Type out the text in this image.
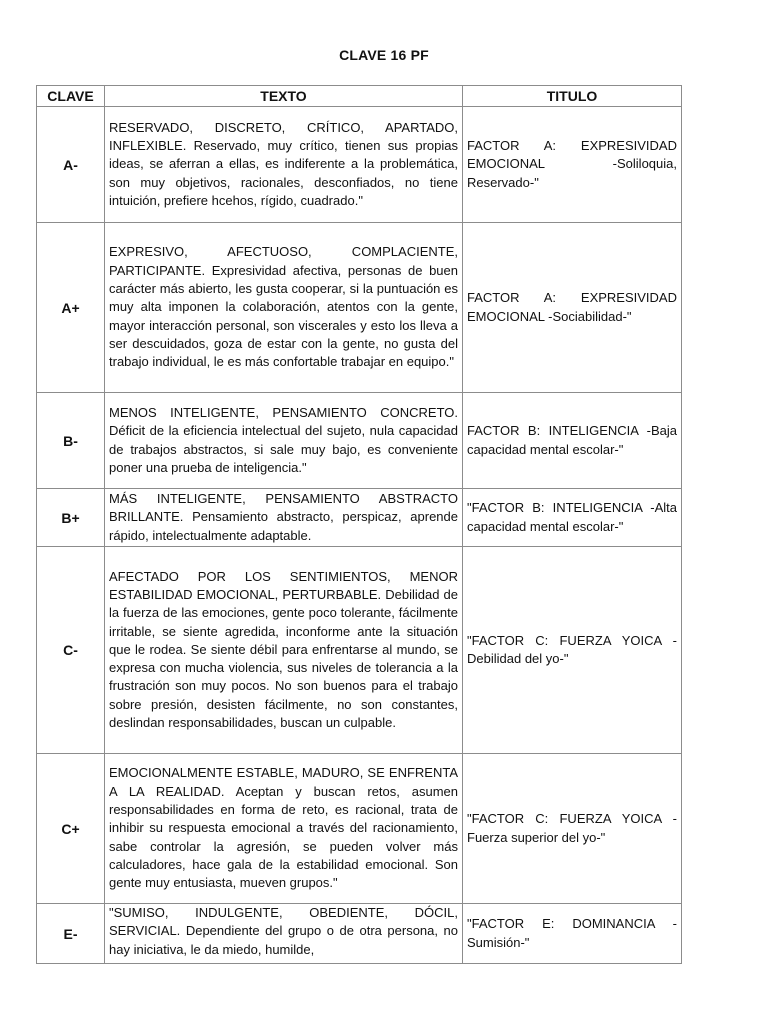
CLAVE 16 PF
CLAVE	TEXTO	TITULO
A-	RESERVADO, DISCRETO, CRÍTICO, APARTADO, INFLEXIBLE. Reservado, muy crítico, tienen sus propias ideas, se aferran a ellas, es indiferente a la problemática, son muy objetivos, racionales, desconfiados, no tiene intuición, prefiere hcehos, rígido, cuadrado."	FACTOR A: EXPRESIVIDAD EMOCIONAL -Soliloquia, Reservado-"
A+	EXPRESIVO, AFECTUOSO, COMPLACIENTE, PARTICIPANTE. Expresividad afectiva, personas de buen carácter más abierto, les gusta cooperar, si la puntuación es muy alta imponen la colaboración, atentos con la gente, mayor interacción personal, son viscerales y esto los lleva a ser descuidados, goza de estar con la gente, no gusta del trabajo individual, le es más confortable trabajar en equipo."	FACTOR A: EXPRESIVIDAD EMOCIONAL -Sociabilidad-"
B-	MENOS INTELIGENTE, PENSAMIENTO CONCRETO. Déficit de la eficiencia intelectual del sujeto, nula capacidad de trabajos abstractos, si sale muy bajo, es conveniente poner una prueba de inteligencia."	FACTOR B: INTELIGENCIA -Baja capacidad mental escolar-"
B+	MÁS INTELIGENTE, PENSAMIENTO ABSTRACTO BRILLANTE. Pensamiento abstracto, perspicaz, aprende rápido, intelectualmente adaptable.	"FACTOR B: INTELIGENCIA -Alta capacidad mental escolar-"
C-	AFECTADO POR LOS SENTIMIENTOS, MENOR ESTABILIDAD EMOCIONAL, PERTURBABLE. Debilidad de la fuerza de las emociones, gente poco tolerante, fácilmente irritable, se siente agredida, inconforme ante la situación que le rodea. Se siente débil para enfrentarse al mundo, se expresa con mucha violencia, sus niveles de tolerancia a la frustración son muy pocos. No son buenos para el trabajo sobre presión, desisten fácilmente, no son constantes, deslindan responsabilidades, buscan un culpable.	"FACTOR C: FUERZA YOICA -Debilidad del yo-"
C+	EMOCIONALMENTE ESTABLE, MADURO, SE ENFRENTA A LA REALIDAD. Aceptan y buscan retos, asumen responsabilidades en forma de reto, es racional, trata de inhibir su respuesta emocional a través del racionamiento, sabe controlar la agresión, se pueden volver más calculadores, hace gala de la estabilidad emocional. Son gente muy entusiasta, mueven grupos."	"FACTOR C: FUERZA YOICA -Fuerza superior del yo-"
E-	"SUMISO, INDULGENTE, OBEDIENTE, DÓCIL, SERVICIAL. Dependiente del grupo o de otra persona, no hay iniciativa, le da miedo, humilde,	"FACTOR E: DOMINANCIA -Sumisión-"
